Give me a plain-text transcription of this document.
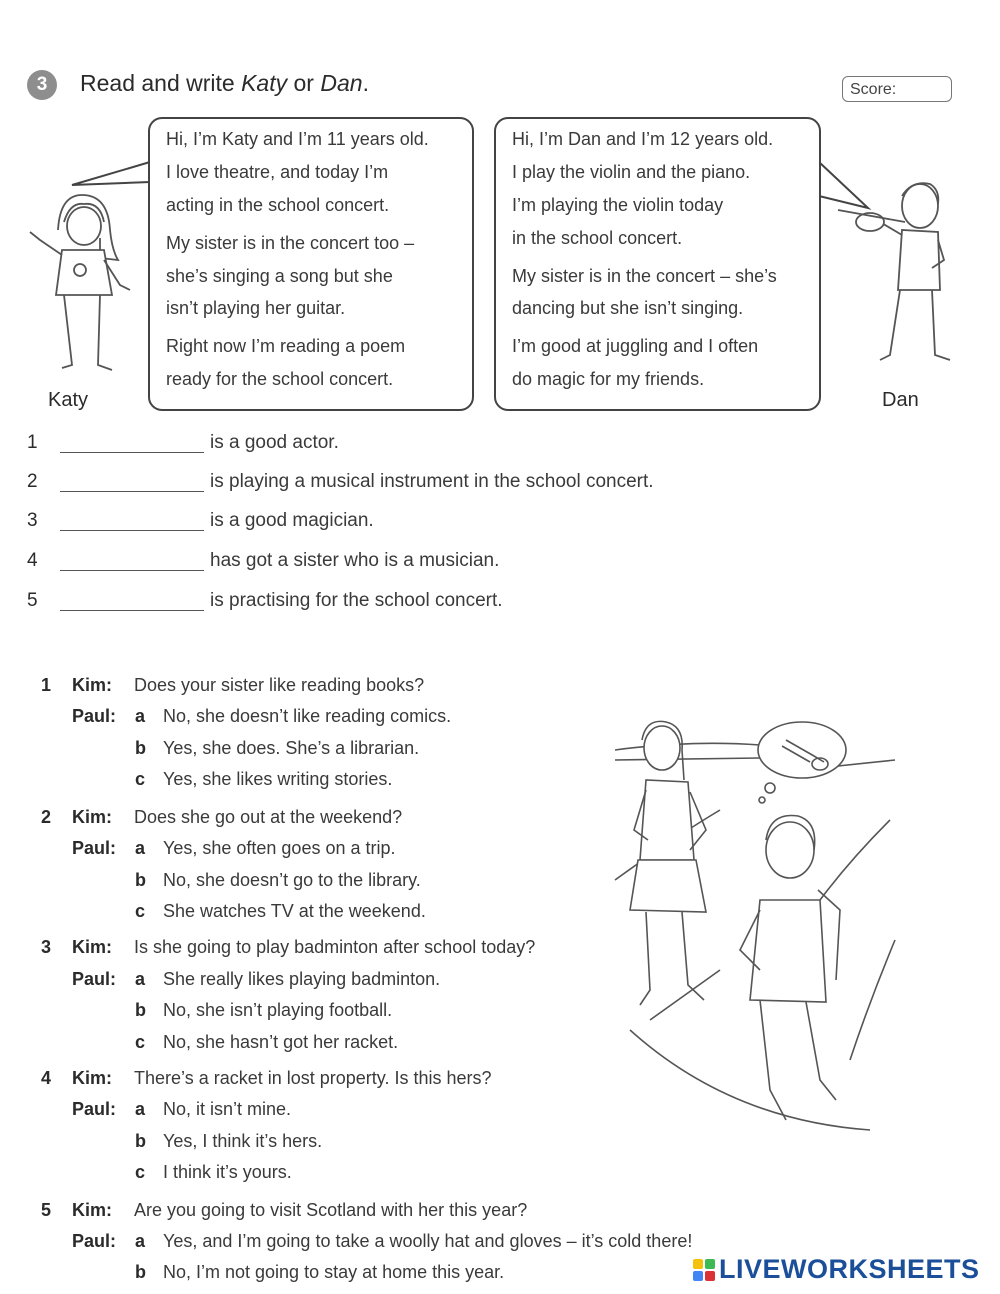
3	Read and write Katy or Dan.	Score:
Hi, I’m Katy and I’m 11 years old.
I love theatre, and today I’m
acting in the school concert.
My sister is in the concert too –
she’s singing a song but she
isn’t playing her guitar.
Right now I’m reading a poem
ready for the school concert.
Hi, I’m Dan and I’m 12 years old.
I play the violin and the piano.
I’m playing the violin today
in the school concert.
My sister is in the concert – she’s
dancing but she isn’t singing.
I’m good at juggling and I often
do magic for my friends.
Katy	Dan
1	is a good actor.
2	is playing a musical instrument in the school concert.
3	is a good magician.
4	has got a sister who is a musician.
5	is practising for the school concert.
1 Kim: Does your sister like reading books?
Paul: a No, she doesn’t like reading comics.
b Yes, she does. She’s a librarian.
c Yes, she likes writing stories.
2 Kim: Does she go out at the weekend?
Paul: a Yes, she often goes on a trip.
b No, she doesn’t go to the library.
c She watches TV at the weekend.
3 Kim: Is she going to play badminton after school today?
Paul: a She really likes playing badminton.
b No, she isn’t playing football.
c No, she hasn’t got her racket.
4 Kim: There’s a racket in lost property. Is this hers?
Paul: a No, it isn’t mine.
b Yes, I think it’s hers.
c I think it’s yours.
5 Kim: Are you going to visit Scotland with her this year?
Paul: a Yes, and I’m going to take a woolly hat and gloves – it’s cold there!
b No, I’m not going to stay at home this year.	LIVEWORKSHEETS
